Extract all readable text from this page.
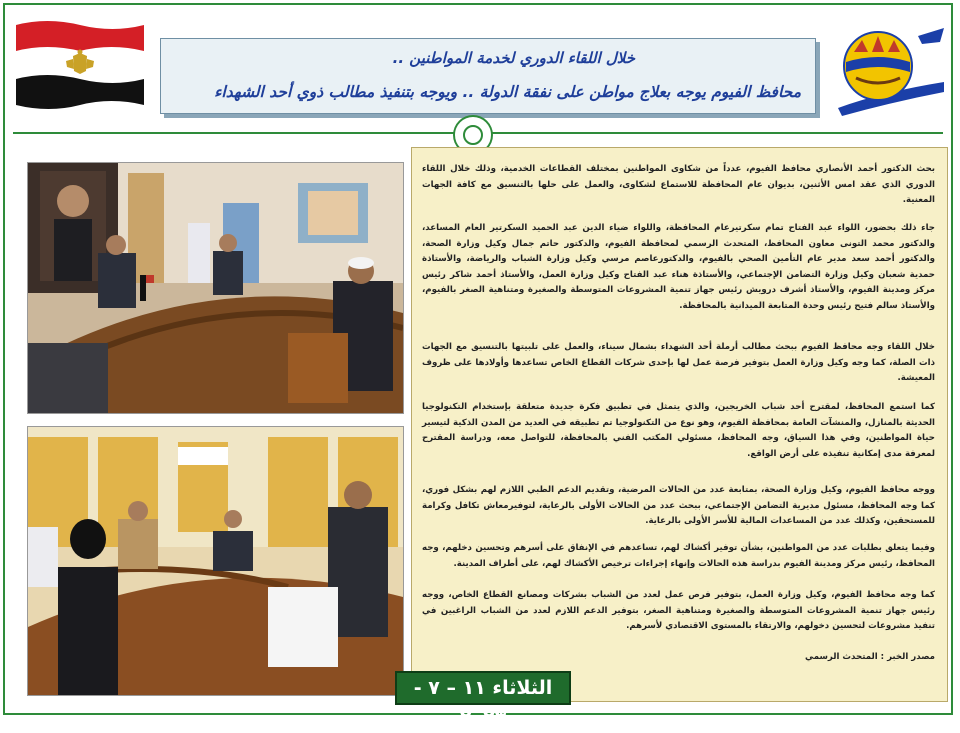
خلال اللقاء الدوري لخدمة المواطنين ..
محافظ الفيوم يوجه بعلاج مواطن على نفقة الدولة .. ويوجه بتنفيذ مطالب ذوي أحد الشهداء
بحث الدكتور أحمد الأنصاري محافظ الفيوم، عدداً من شكاوى المواطنين بمختلف القطاعات الخدمية، وذلك خلال اللقاء الدوري الذي عقد امس الأثنين، بديوان عام المحافظة للاستماع لشكاوى، والعمل على حلها بالتنسيق مع كافة الجهات المعنية.
جاء ذلك بحضور، اللواء عبد الفتاح تمام سكرتيرعام المحافظة، واللواء ضياء الدين عبد الحميد السكرتير العام المساعد، والدكتور محمد التونى معاون المحافظ، المتحدث الرسمي لمحافظة الفيوم، والدكتور حاتم جمال وكيل وزارة الصحة، والدكتور أحمد سعد مدير عام التأمين الصحي بالفيوم، والدكتورعاصم مرسي وكيل وزارة الشباب والرياضة، والأستاذة حمدية شعبان وكيل وزارة التضامن الإجتماعي، والأستاذة هناء عبد الفتاح وكيل وزارة العمل، والأستاذ أحمد شاكر رئيس مركز ومدينة الفيوم، والأستاذ أشرف درويش رئيس جهاز تنمية المشروعات المتوسطة والصغيرة ومتناهية الصغر بالفيوم، والأستاذ سالم فتيح رئيس وحدة المتابعة الميدانية بالمحافظة.
خلال اللقاء وجه محافظ الفيوم ببحث مطالب أرملة أحد الشهداء بشمال سيناء، والعمل على تلبيتها بالتنسيق مع الجهات ذات الصلة، كما وجه وكيل وزارة العمل بتوفير فرصة عمل لها بإحدى شركات القطاع الخاص تساعدها وأولادها على ظروف المعيشة.
كما استمع المحافظ، لمقترح أحد شباب الخريجين، والذي يتمثل في تطبيق فكرة جديدة متعلقة بإستخدام التكنولوجيا الحديثة بالمنازل، والمنشآت العامة بمحافظة الفيوم، وهو نوع من التكنولوجيا تم تطبيقه في العديد من المدن الذكية لتيسير حياة المواطنين، وفي هذا السياق، وجه المحافظ، مسئولي المكتب الفني بالمحافظة، للتواصل معه، ودراسة المقترح لمعرفة مدى إمكانية تنفيذه على أرض الواقع.
ووجه محافظ الفيوم، وكيل وزارة الصحة، بمتابعة عدد من الحالات المرضية، وتقديم الدعم الطبي اللازم لهم بشكل فوري، كما وجه المحافظ، مسئول مديرية التضامن الإجتماعي، ببحث عدد من الحالات الأولى بالرعاية، لتوفيرمعاش تكافل وكرامة للمستحقين، وكذلك عدد من المساعدات المالية للأسر الأولى بالرعاية.
وفيما يتعلق بطلبات عدد من المواطنين، بشأن توفير أكشاك لهم، تساعدهم في الإنفاق على أسرهم وتحسين دخلهم، وجه المحافظ، رئيس مركز ومدينة الفيوم بدراسة هذه الحالات وإنهاء إجراءات ترخيص الأكشاك لهم، على أطراف المدينة.
كما وجه محافظ الفيوم، وكيل وزارة العمل، بتوفير فرص عمل لعدد من الشباب بشركات ومصانع القطاع الخاص، ووجه رئيس جهاز تنمية المشروعات المتوسطة والصغيرة ومتناهية الصغر، بتوفير الدعم اللازم لعدد من الشباب الراغبين في تنفيذ مشروعات لتحسين دخولهم، والارتقاء بالمستوى الاقتصادي لأسرهم.
مصدر الخبر : المتحدث الرسمي
الثلاثاء ١١ – ٧ - ٢٠٢٣
